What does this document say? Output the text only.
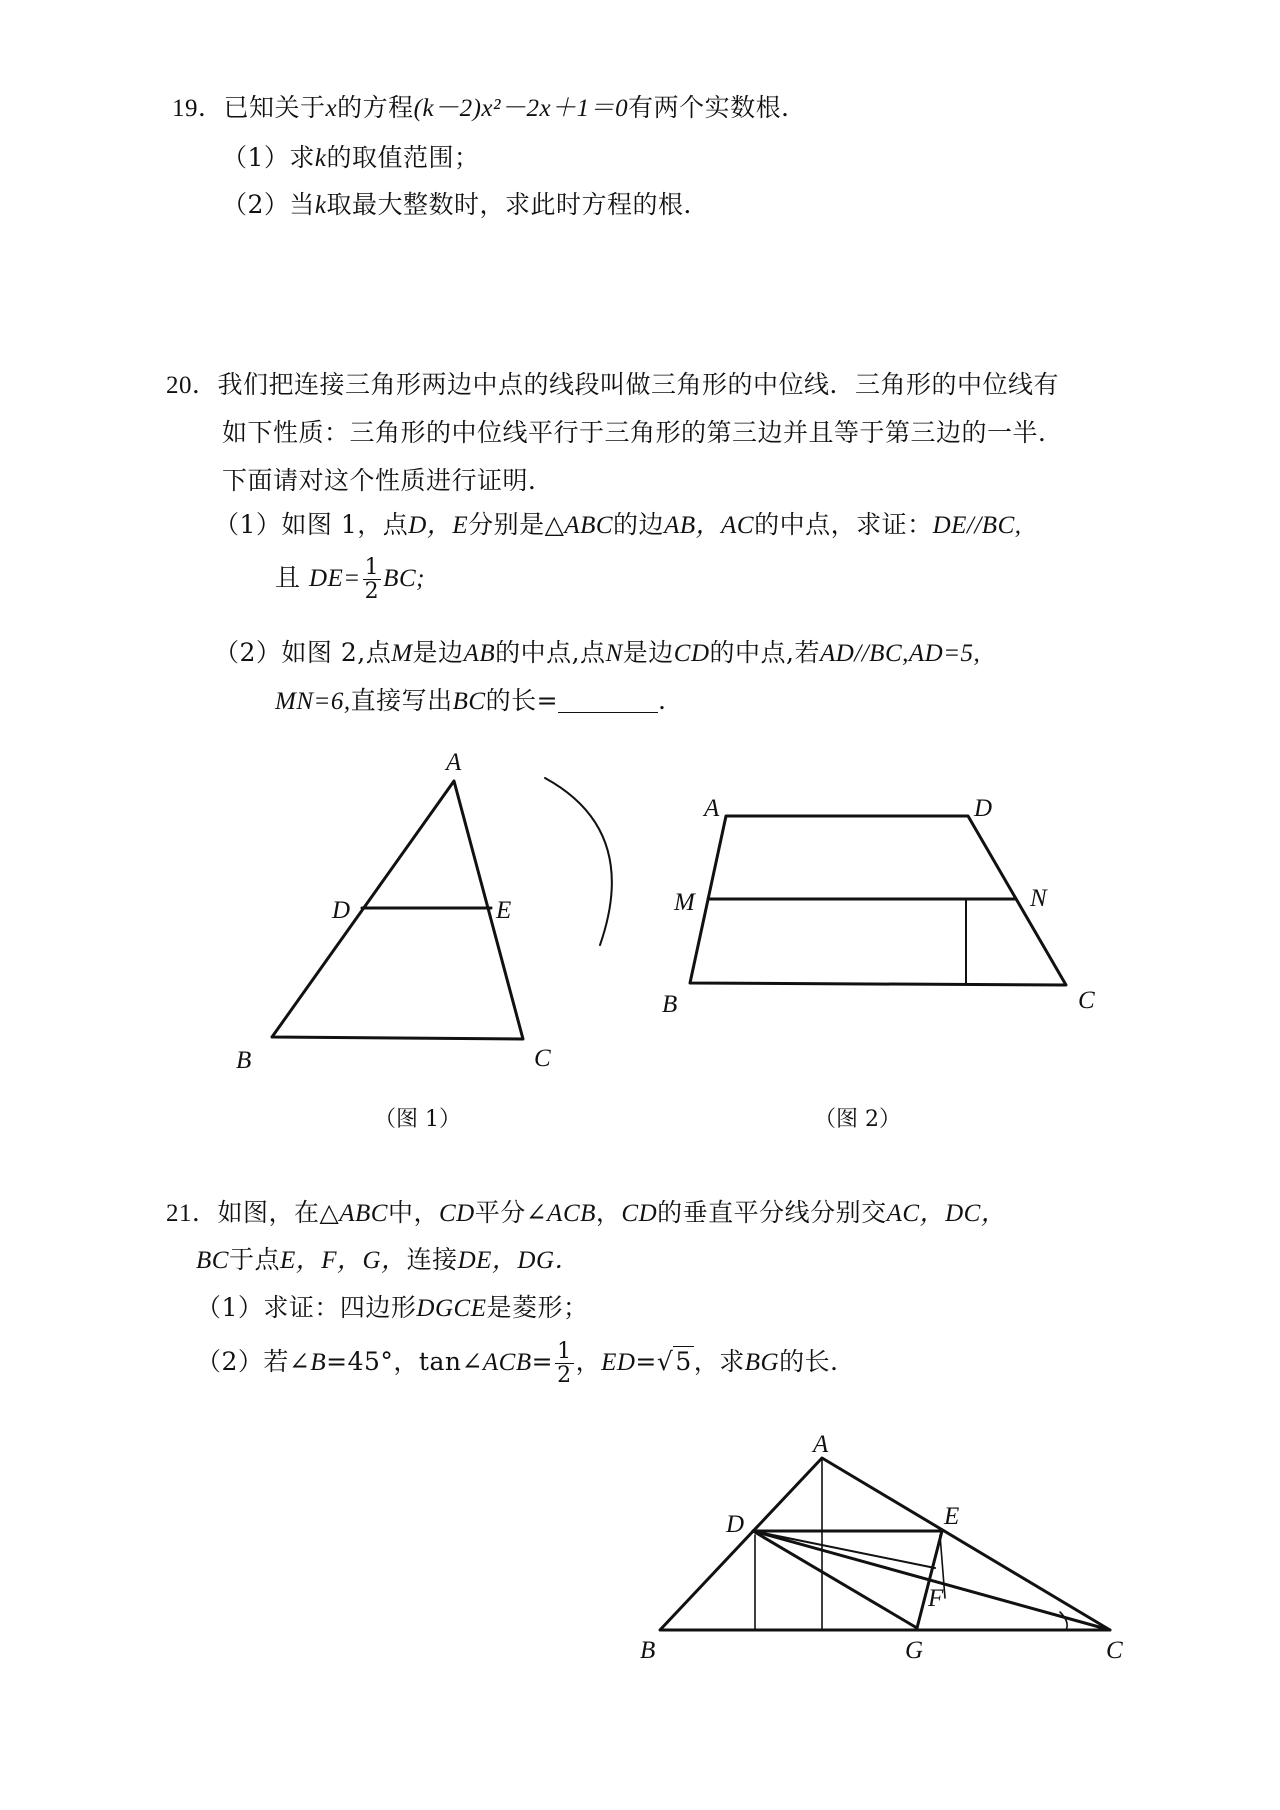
19．已知关于x的方程(k－2)x²－2x＋1＝0有两个实数根．
（1）求k的取值范围；
（2）当k取最大整数时，求此时方程的根．
20．我们把连接三角形两边中点的线段叫做三角形的中位线．三角形的中位线有
如下性质：三角形的中位线平行于三角形的第三边并且等于第三边的一半．
下面请对这个性质进行证明．
（1）如图 1，点D，E分别是△ABC的边AB，AC的中点，求证：DE//BC,
且 $DE= \frac{1}{2}$ BC;
（2）如图 2,点M是边AB的中点,点N是边CD的中点,若AD//BC,AD=5,
MN=6,直接写出BC的长=	.
A
D	E
B	C
A	D
M	N
B	C
A
D	E
F
B	G	C
（图 1）	（图 2）
21．如图，在△ABC中，CD平分∠ACB，CD的垂直平分线分别交AC，DC，
BC于点E，F，G，连接DE，DG．
（1）求证：四边形DGCE是菱形；
（2）若∠B=45°，tan∠ACB= $\frac{1}{2}$ ，ED=√5，求BG的长．
